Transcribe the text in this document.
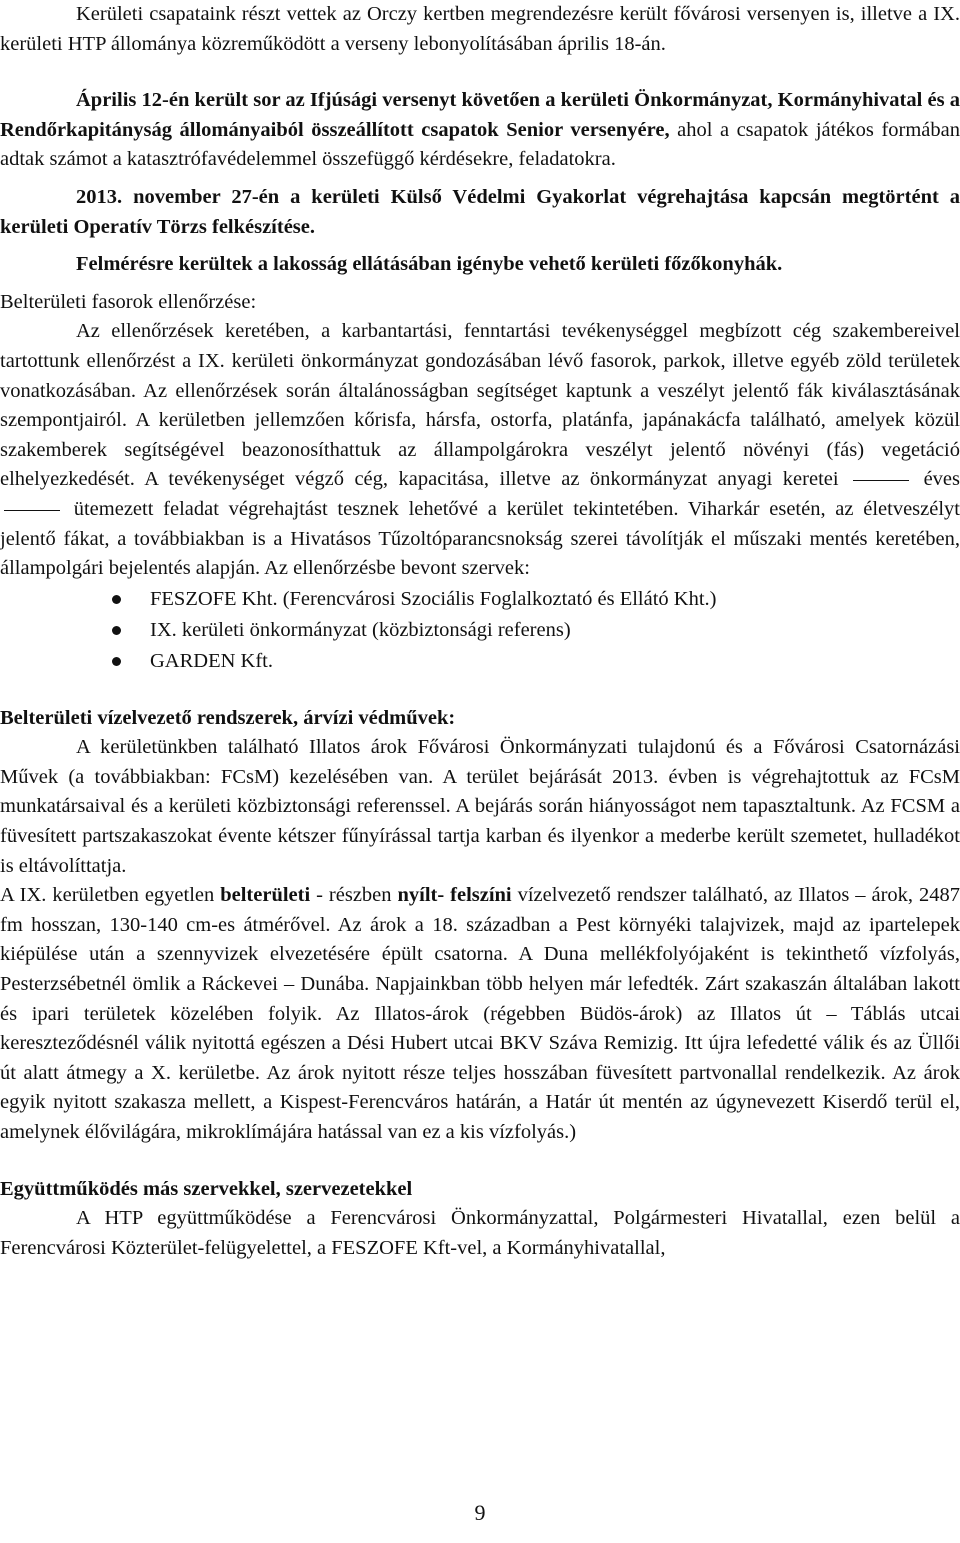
Kerületi csapataink részt vettek az Orczy kertben megrendezésre került fővárosi versenyen is, illetve a IX. kerületi HTP állománya közreműködött a verseny lebonyolításában április 18-án.

Április 12-én került sor az Ifjúsági versenyt követően a kerületi Önkormányzat, Kormányhivatal és a Rendőrkapitányság állományaiból összeállított csapatok Senior versenyére, ahol a csapatok játékos formában adtak számot a katasztrófavédelemmel összefüggő kérdésekre, feladatokra.

2013. november 27-én a kerületi Külső Védelmi Gyakorlat végrehajtása kapcsán megtörtént a kerületi Operatív Törzs felkészítése.

Felmérésre kerültek a lakosság ellátásában igénybe vehető kerületi főzőkonyhák.

Belterületi fasorok ellenőrzése:

Az ellenőrzések keretében, a karbantartási, fenntartási tevékenységgel megbízott cég szakembereivel tartottunk ellenőrzést a IX. kerületi önkormányzat gondozásában lévő fasorok, parkok, illetve egyéb zöld területek vonatkozásában. Az ellenőrzések során általánosságban segítséget kaptunk a veszélyt jelentő fák kiválasztásának szempontjairól. A kerületben jellemzően kőrisfa, hársfa, ostorfa, platánfa, japánakácfa található, amelyek közül szakemberek segítségével beazonosíthattuk az állampolgárokra veszélyt jelentő növényi (fás) vegetáció elhelyezkedését. A tevékenységet végző cég, kapacitása, illetve az önkormányzat anyagi keretei	éves  ütemezett feladat végrehajtást tesznek lehetővé a kerület tekintetében. Viharkár esetén, az életveszélyt jelentő fákat, a továbbiakban is a Hivatásos Tűzoltóparancsnokság szerei távolítják el műszaki mentés keretében, állampolgári bejelentés alapján. Az ellenőrzésbe bevont szervek:

FESZOFE Kht. (Ferencvárosi Szociális Foglalkoztató és Ellátó Kht.)
IX. kerületi önkormányzat (közbiztonsági referens)
GARDEN Kft.

Belterületi vízelvezető rendszerek, árvízi védművek:

A kerületünkben található Illatos árok Fővárosi Önkormányzati tulajdonú és a Fővárosi Csatornázási Művek (a továbbiakban: FCsM) kezelésében van. A terület bejárását 2013. évben is végrehajtottuk az FCsM munkatársaival és a kerületi közbiztonsági referenssel. A bejárás során hiányosságot nem tapasztaltunk. Az FCSM a füvesített partszakaszokat évente kétszer fűnyírással tartja karban és ilyenkor a mederbe került szemetet, hulladékot is eltávolíttatja.

A IX. kerületben egyetlen belterületi - részben nyílt- felszíni vízelvezető rendszer található, az Illatos – árok, 2487 fm hosszan, 130-140 cm-es átmérővel. Az árok a 18. században a Pest környéki talajvizek, majd az ipartelepek kiépülése után a szennyvizek elvezetésére épült csatorna. A Duna mellékfolyójaként is tekinthető vízfolyás, Pesterzsébetnél ömlik a Ráckevei – Dunába. Napjainkban több helyen már lefedték. Zárt szakaszán általában lakott és ipari területek közelében folyik. Az Illatos-árok (régebben Büdös-árok) az Illatos út – Táblás utcai kereszteződésnél válik nyitottá egészen a Dési Hubert utcai BKV Száva Remizig. Itt újra lefedetté válik és az Üllői út alatt átmegy a X. kerületbe. Az árok nyitott része teljes hosszában füvesített partvonallal rendelkezik. Az árok egyik nyitott szakasza mellett, a Kispest-Ferencváros határán, a Határ út mentén az úgynevezett Kiserdő terül el, amelynek élővilágára, mikroklímájára hatással van ez a kis vízfolyás.)

Együttműködés más szervekkel, szervezetekkel

A HTP együttműködése a Ferencvárosi Önkormányzattal, Polgármesteri Hivatallal, ezen belül a Ferencvárosi Közterület-felügyelettel, a FESZOFE Kft-vel, a Kormányhivatallal,

9
